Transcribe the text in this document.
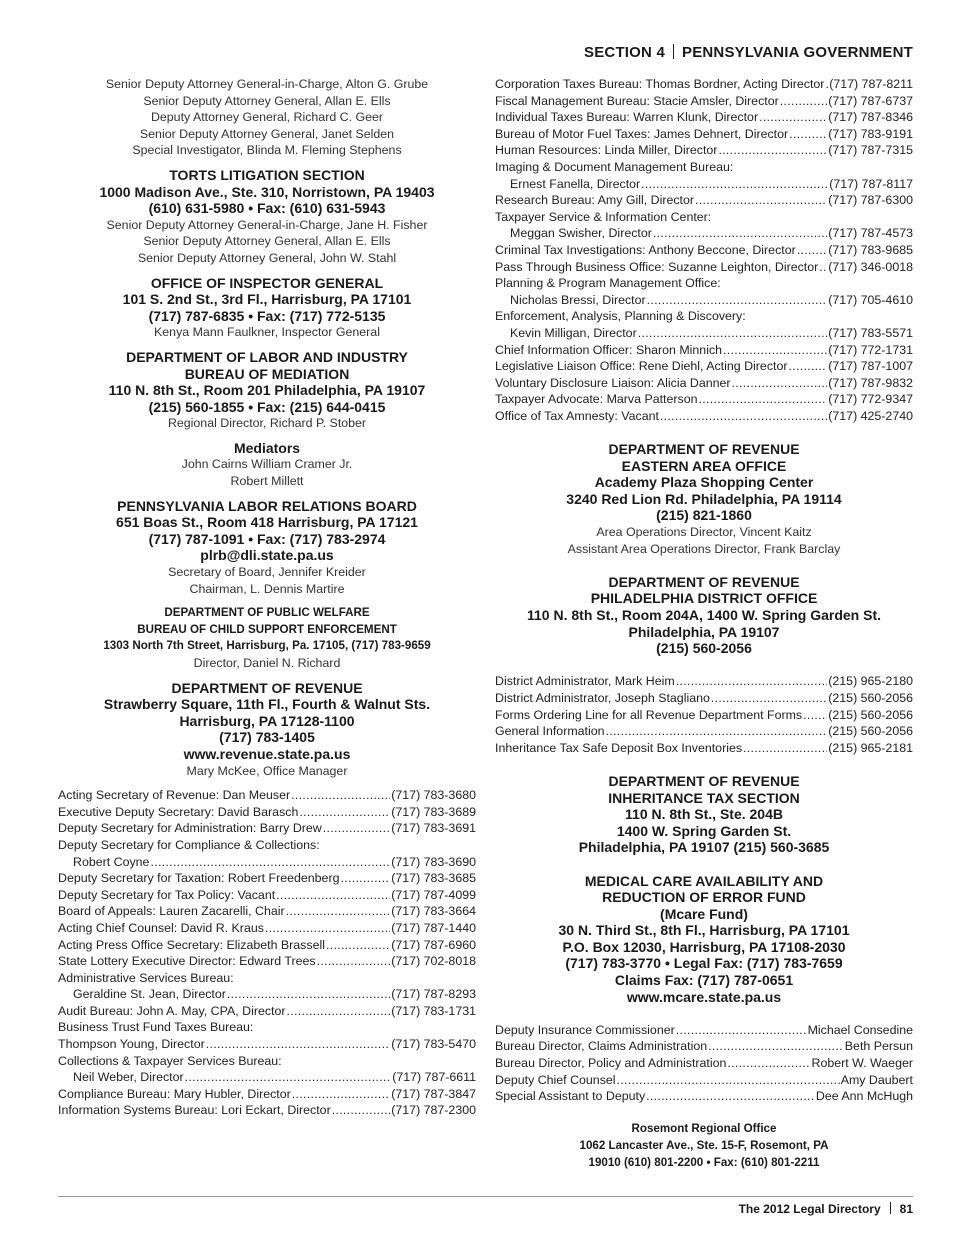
SECTION 4 PENNSYLVANIA GOVERNMENT
Senior Deputy Attorney General-in-Charge, Alton G. Grube
Senior Deputy Attorney General, Allan E. Ells
Deputy Attorney General, Richard C. Geer
Senior Deputy Attorney General, Janet Selden
Special Investigator, Blinda M. Fleming Stephens
TORTS LITIGATION SECTION
1000 Madison Ave., Ste. 310, Norristown, PA 19403
(610) 631-5980 • Fax: (610) 631-5943
Senior Deputy Attorney General-in-Charge, Jane H. Fisher
Senior Deputy Attorney General, Allan E. Ells
Senior Deputy Attorney General, John W. Stahl
OFFICE OF INSPECTOR GENERAL
101 S. 2nd St., 3rd Fl., Harrisburg, PA 17101
(717) 787-6835 • Fax: (717) 772-5135
Kenya Mann Faulkner, Inspector General
DEPARTMENT OF LABOR AND INDUSTRY
BUREAU OF MEDIATION
110 N. 8th St., Room 201 Philadelphia, PA 19107
(215) 560-1855 • Fax: (215) 644-0415
Regional Director, Richard P. Stober
Mediators
John Cairns William Cramer Jr.
Robert Millett
PENNSYLVANIA LABOR RELATIONS BOARD
651 Boas St., Room 418 Harrisburg, PA 17121
(717) 787-1091 • Fax: (717) 783-2974
plrb@dli.state.pa.us
Secretary of Board, Jennifer Kreider
Chairman, L. Dennis Martire
DEPARTMENT OF PUBLIC WELFARE
BUREAU OF CHILD SUPPORT ENFORCEMENT
1303 North 7th Street, Harrisburg, Pa. 17105, (717) 783-9659
Director, Daniel N. Richard
DEPARTMENT OF REVENUE
Strawberry Square, 11th Fl., Fourth & Walnut Sts.
Harrisburg, PA 17128-1100
(717) 783-1405
www.revenue.state.pa.us
Mary McKee, Office Manager
Acting Secretary of Revenue: Dan Meuser .....	(717) 783-3680
Executive Deputy Secretary: David Barasch .....	(717) 783-3689
Deputy Secretary for Administration: Barry Drew .....	(717) 783-3691
Deputy Secretary for Compliance & Collections:
Robert Coyne .....	(717) 783-3690
Deputy Secretary for Taxation: Robert Freedenberg .....	(717) 783-3685
Deputy Secretary for Tax Policy: Vacant .....	(717) 787-4099
Board of Appeals: Lauren Zacarelli, Chair .....	(717) 783-3664
Acting Chief Counsel: David R. Kraus .....	(717) 787-1440
Acting Press Office Secretary: Elizabeth Brassell .....	(717) 787-6960
State Lottery Executive Director: Edward Trees .....	(717) 702-8018
Administrative Services Bureau:
Geraldine St. Jean, Director .....	(717) 787-8293
Audit Bureau: John A. May, CPA, Director .....	(717) 783-1731
Business Trust Fund Taxes Bureau:
Thompson Young, Director .....	(717) 783-5470
Collections & Taxpayer Services Bureau:
Neil Weber, Director .....	(717) 787-6611
Compliance Bureau: Mary Hubler, Director .....	(717) 787-3847
Information Systems Bureau: Lori Eckart, Director .....	(717) 787-2300
Corporation Taxes Bureau: Thomas Bordner, Acting Director ..... (717) 787-8211
Fiscal Management Bureau: Stacie Amsler, Director .....	(717) 787-6737
Individual Taxes Bureau: Warren Klunk, Director .....	(717) 787-8346
Bureau of Motor Fuel Taxes: James Dehnert, Director .....	(717) 783-9191
Human Resources: Linda Miller, Director .....	(717) 787-7315
Imaging & Document Management Bureau:
Ernest Fanella, Director .....	(717) 787-8117
Research Bureau: Amy Gill, Director .....	(717) 787-6300
Taxpayer Service & Information Center:
Meggan Swisher, Director .....	(717) 787-4573
Criminal Tax Investigations: Anthony Beccone, Director .....	(717) 783-9685
Pass Through Business Office: Suzanne Leighton, Director ..... (717) 346-0018
Planning & Program Management Office:
Nicholas Bressi, Director .....	(717) 705-4610
Enforcement, Analysis, Planning & Discovery:
Kevin Milligan, Director .....	(717) 783-5571
Chief Information Officer: Sharon Minnich .....	(717) 772-1731
Legislative Liaison Office: Rene Diehl, Acting Director .....	(717) 787-1007
Voluntary Disclosure Liaison: Alicia Danner .....	(717) 787-9832
Taxpayer Advocate: Marva Patterson .....	(717) 772-9347
Office of Tax Amnesty: Vacant .....	(717) 425-2740
DEPARTMENT OF REVENUE
EASTERN AREA OFFICE
Academy Plaza Shopping Center
3240 Red Lion Rd. Philadelphia, PA 19114
(215) 821-1860
Area Operations Director, Vincent Kaitz
Assistant Area Operations Director, Frank Barclay
DEPARTMENT OF REVENUE
PHILADELPHIA DISTRICT OFFICE
110 N. 8th St., Room 204A, 1400 W. Spring Garden St.
Philadelphia, PA 19107
(215) 560-2056
District Administrator, Mark Heim .....	(215) 965-2180
District Administrator, Joseph Stagliano .....	(215) 560-2056
Forms Ordering Line for all Revenue Department Forms ..... (215) 560-2056
General Information .....	(215) 560-2056
Inheritance Tax Safe Deposit Box Inventories .....	(215) 965-2181
DEPARTMENT OF REVENUE
INHERITANCE TAX SECTION
110 N. 8th St., Ste. 204B
1400 W. Spring Garden St.
Philadelphia, PA 19107 (215) 560-3685
MEDICAL CARE AVAILABILITY AND
REDUCTION OF ERROR FUND
(Mcare Fund)
30 N. Third St., 8th Fl., Harrisburg, PA 17101
P.O. Box 12030, Harrisburg, PA 17108-2030
(717) 783-3770 • Legal Fax: (717) 783-7659
Claims Fax: (717) 787-0651
www.mcare.state.pa.us
Deputy Insurance Commissioner .....	Michael Consedine
Bureau Director, Claims Administration .....	Beth Persun
Bureau Director, Policy and Administration .....	Robert W. Waeger
Deputy Chief Counsel .....	Amy Daubert
Special Assistant to Deputy .....	Dee Ann McHugh
Rosemont Regional Office
1062 Lancaster Ave., Ste. 15-F, Rosemont, PA
19010 (610) 801-2200 • Fax: (610) 801-2211
The 2012 Legal Directory 81
